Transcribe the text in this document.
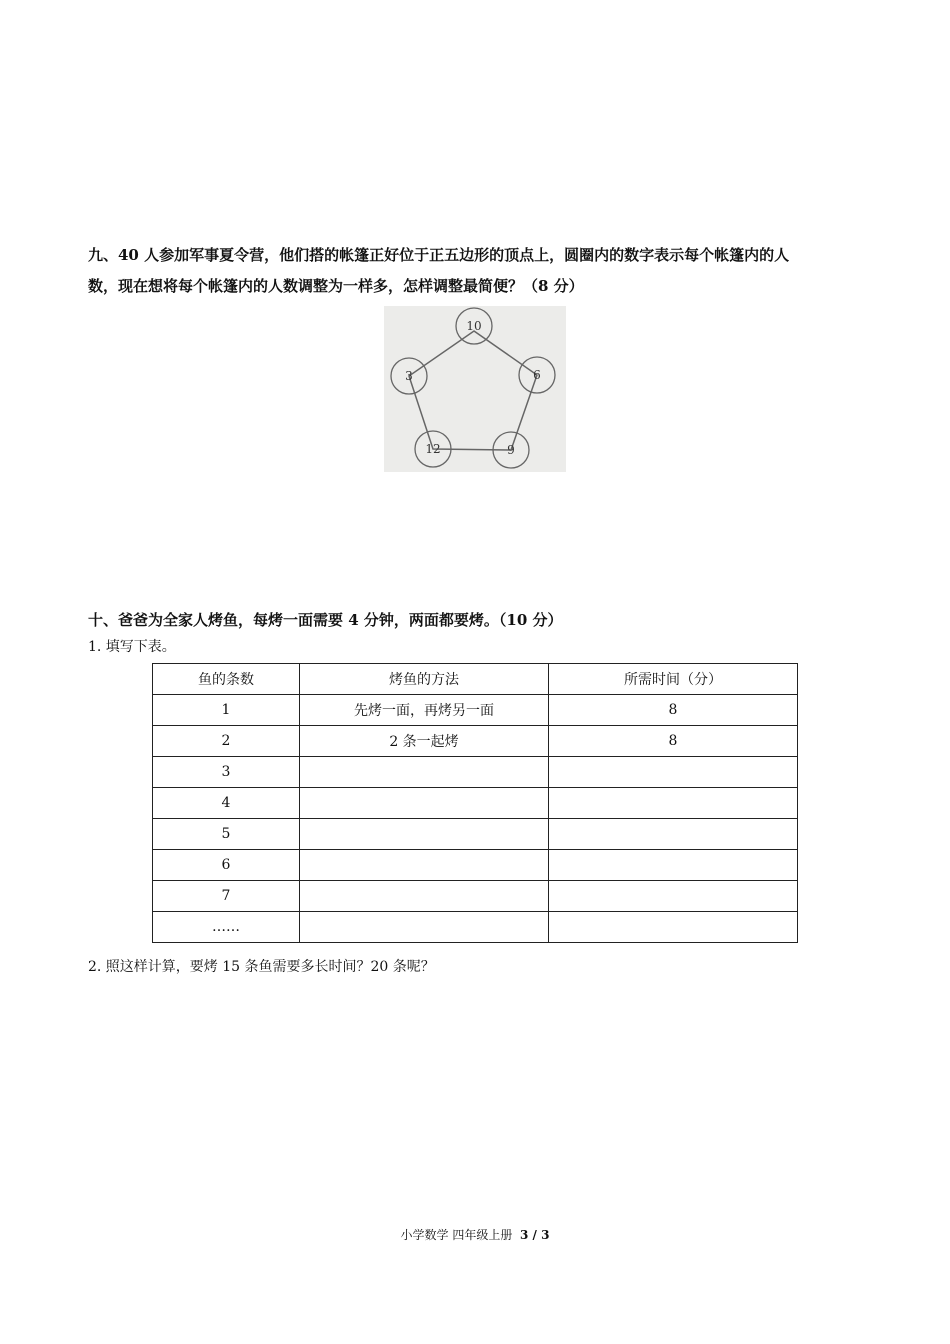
九、40 人参加军事夏令营，他们搭的帐篷正好位于正五边形的顶点上，圆圈内的数字表示每个帐篷内的人

数，现在想将每个帐篷内的人数调整为一样多，怎样调整最简便？（8 分）

10
6
9
12
3
十、爸爸为全家人烤鱼，每烤一面需要 4 分钟，两面都要烤。（10 分）
1. 填写下表。
鱼的条数	烤鱼的方法	所需时间（分）
1	先烤一面，再烤另一面	8
2	2 条一起烤	8
3		
4		
5		
6		
7		
……		
2. 照这样计算，要烤 15 条鱼需要多长时间？20 条呢？
小学数学 四年级上册 3 / 3
